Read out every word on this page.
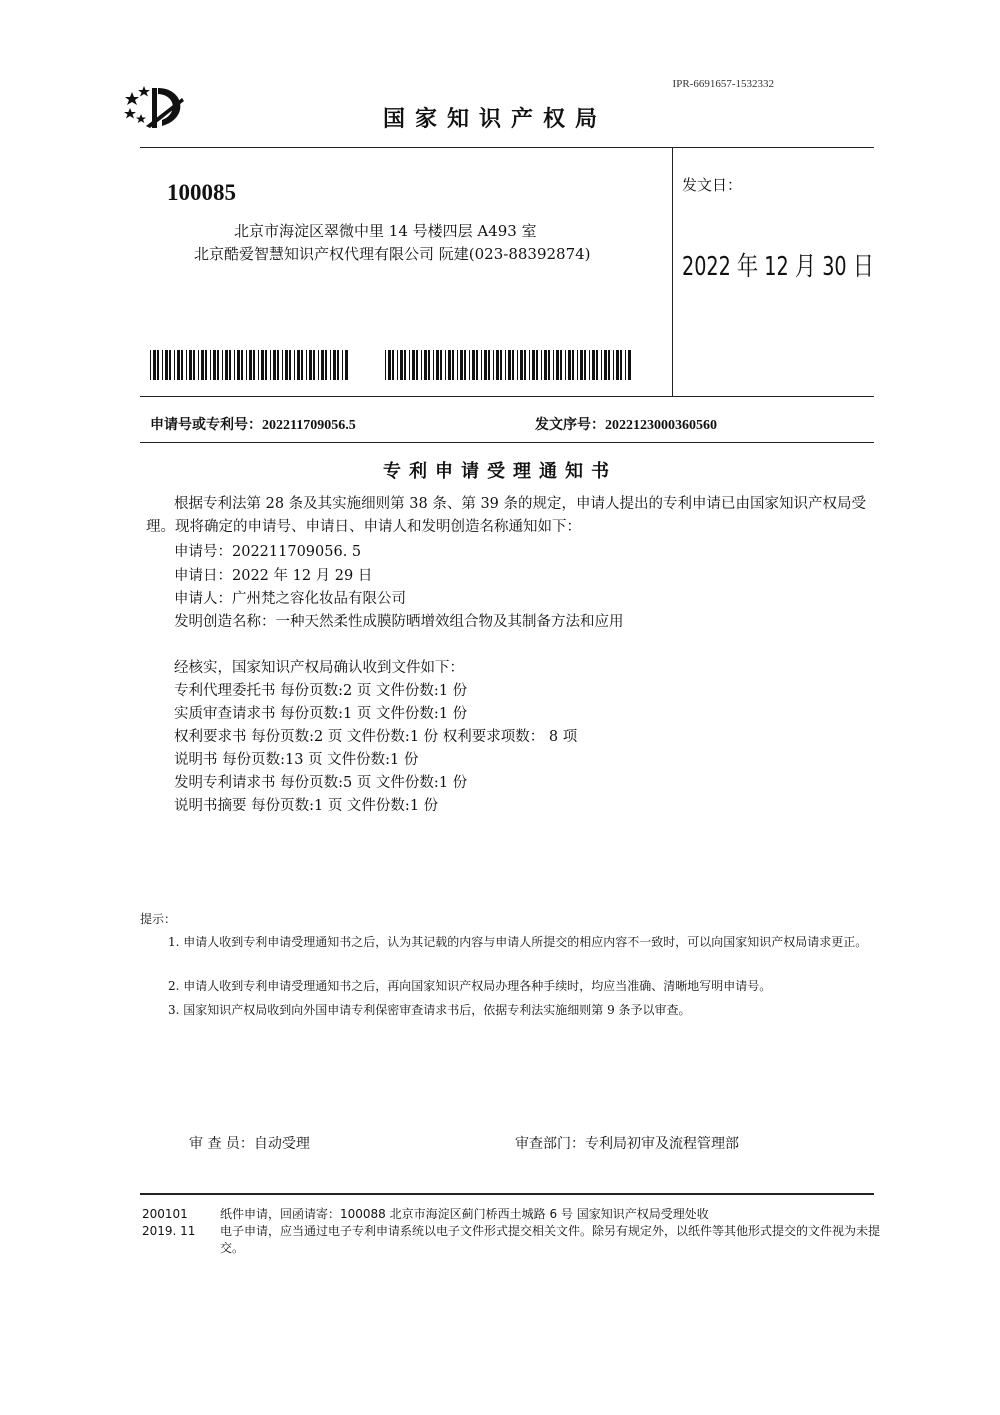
IPR-6691657-1532332
国家知识产权局
100085
北京市海淀区翠微中里 14 号楼四层 A493 室
北京酷爱智慧知识产权代理有限公司 阮建(023-88392874)
发文日：
2022 年 12 月 30 日
申请号或专利号：202211709056.5	发文序号：2022123000360560
专利申请受理通知书
根据专利法第 28 条及其实施细则第 38 条、第 39 条的规定，申请人提出的专利申请已由国家知识产权局受理。现将确定的申请号、申请日、申请人和发明创造名称通知如下：
申请号：202211709056. 5
申请日：2022 年 12 月 29 日
申请人：广州梵之容化妆品有限公司
发明创造名称：一种天然柔性成膜防晒增效组合物及其制备方法和应用
经核实，国家知识产权局确认收到文件如下：
专利代理委托书 每份页数:2 页 文件份数:1 份
实质审查请求书 每份页数:1 页 文件份数:1 份
权利要求书 每份页数:2 页 文件份数:1 份 权利要求项数： 8 项
说明书 每份页数:13 页 文件份数:1 份
发明专利请求书 每份页数:5 页 文件份数:1 份
说明书摘要 每份页数:1 页 文件份数:1 份
提示：
1. 申请人收到专利申请受理通知书之后，认为其记载的内容与申请人所提交的相应内容不一致时，可以向国家知识产权局请求更正。
2. 申请人收到专利申请受理通知书之后，再向国家知识产权局办理各种手续时，均应当准确、清晰地写明申请号。
3. 国家知识产权局收到向外国申请专利保密审查请求书后，依据专利法实施细则第 9 条予以审查。
审 查 员：自动受理	审查部门：专利局初审及流程管理部
200101
2019. 11
纸件申请，回函请寄：100088 北京市海淀区蓟门桥西土城路 6 号 国家知识产权局受理处收
电子申请，应当通过电子专利申请系统以电子文件形式提交相关文件。除另有规定外，以纸件等其他形式提交的文件视为未提交。
